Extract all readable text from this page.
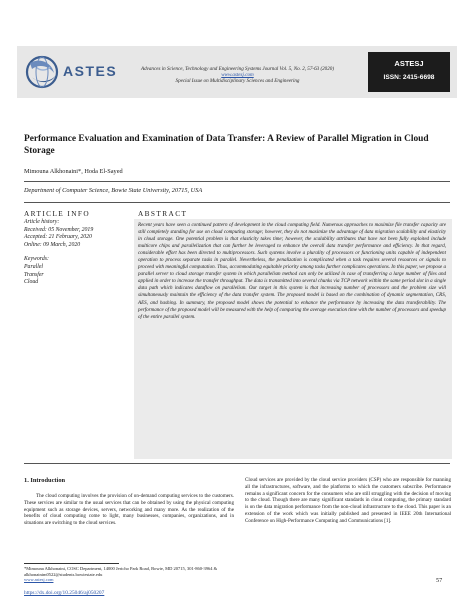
ASTES	Advances in Science, Technology and Engineering Systems Journal Vol. 5, No. 2, 57-63 (2020)
www.astesj.com
Special Issue on Multidisciplinary Sciences and Engineering
ASTESJ
ISSN: 2415-6698
Performance Evaluation and Examination of Data Transfer: A Review of Parallel Migration in Cloud Storage
Mimouna Alkhonaini*, Hoda El-Sayed
Department of Computer Science, Bowie State University, 20715, USA
ARTICLE INFO	ABSTRACT
Article history:
Received: 05 November, 2019
Accepted: 21 February, 2020
Online: 09 March, 2020
Keywords:
Parallel
Transfer
Cloud
Recent years have seen a continued pattern of development in the cloud computing field. Numerous approaches to maximize file transfer capacity are still completely standing for use on cloud computing storage; however, they do not maximize the advantage of data migration scalability and elasticity in cloud storage. One potential problem is that elasticity takes time; however, the scalability attributes that have not been fully exploited include multicore chips and parallelization that can further be leveraged to enhance the overall data transfer performance and efficiency. In that regard, considerable effort has been directed to multiprocessors. Such systems involve a plurality of processors or functioning units capable of independent operation to process separate tasks in parallel. Nevertheless, the penalization is complicated when a task requires several resources or signals to proceed with meaningful computation. Thus, accommodating equitable priority among tasks further complicates operations. In this paper, we propose a parallel server to cloud storage transfer system in which parallelism method can only be utilized in case of transferring a large number of files and applied in order to increase the transfer throughput. The data is transmitted into several chunks via TCP network within the same period slot in a single data path which indicates dataflow on parallelism. Our target in this system is that increasing number of processors and the problem size will simultaneously maintain the efficiency of the data transfer system. The proposed model is based on the combination of dynamic segmentation, CRS, AES, and hashing. In summary, the proposed model shows the potential to enhance the performance by increasing the data transferability. The performance of the proposed model will be measured with the help of comparing the average execution time with the number of processors and speedup of the entire parallel system.
1. Introduction
The cloud computing involves the provision of on-demand computing services to the customers. These services are similar to the usual services that can be obtained by using the physical computing equipment such as storage devices, servers, networking and many more. As the realization of the benefits of cloud computing come to light, many businesses, companies, organizations, and in situations are switching to the cloud services.
Cloud services are provided by the cloud service providers (CSP) who are responsible for manning all the infrastructures, software, and the platforms to which the customers subscribe. Performance remains a significant concern for the consumers who are still struggling with the decision of moving to the cloud. Though there are many significant standards in cloud computing, the primary standard is on the data migration performance from the non-cloud infrastructure to the cloud. This paper is an extension of the work which was initially published and presented in IEEE 20th International Conference on High-Performance Computing and Communications [1].
*Mimouna Alkhonaini, COSC Department, 14000 Jericho Park Road, Bowie, MD 20715, 301-860-3964 & alkhonainim0522@students.bowiestate.edu
www.astesj.com
https://dx.doi.org/10.25046/aj050207
57
